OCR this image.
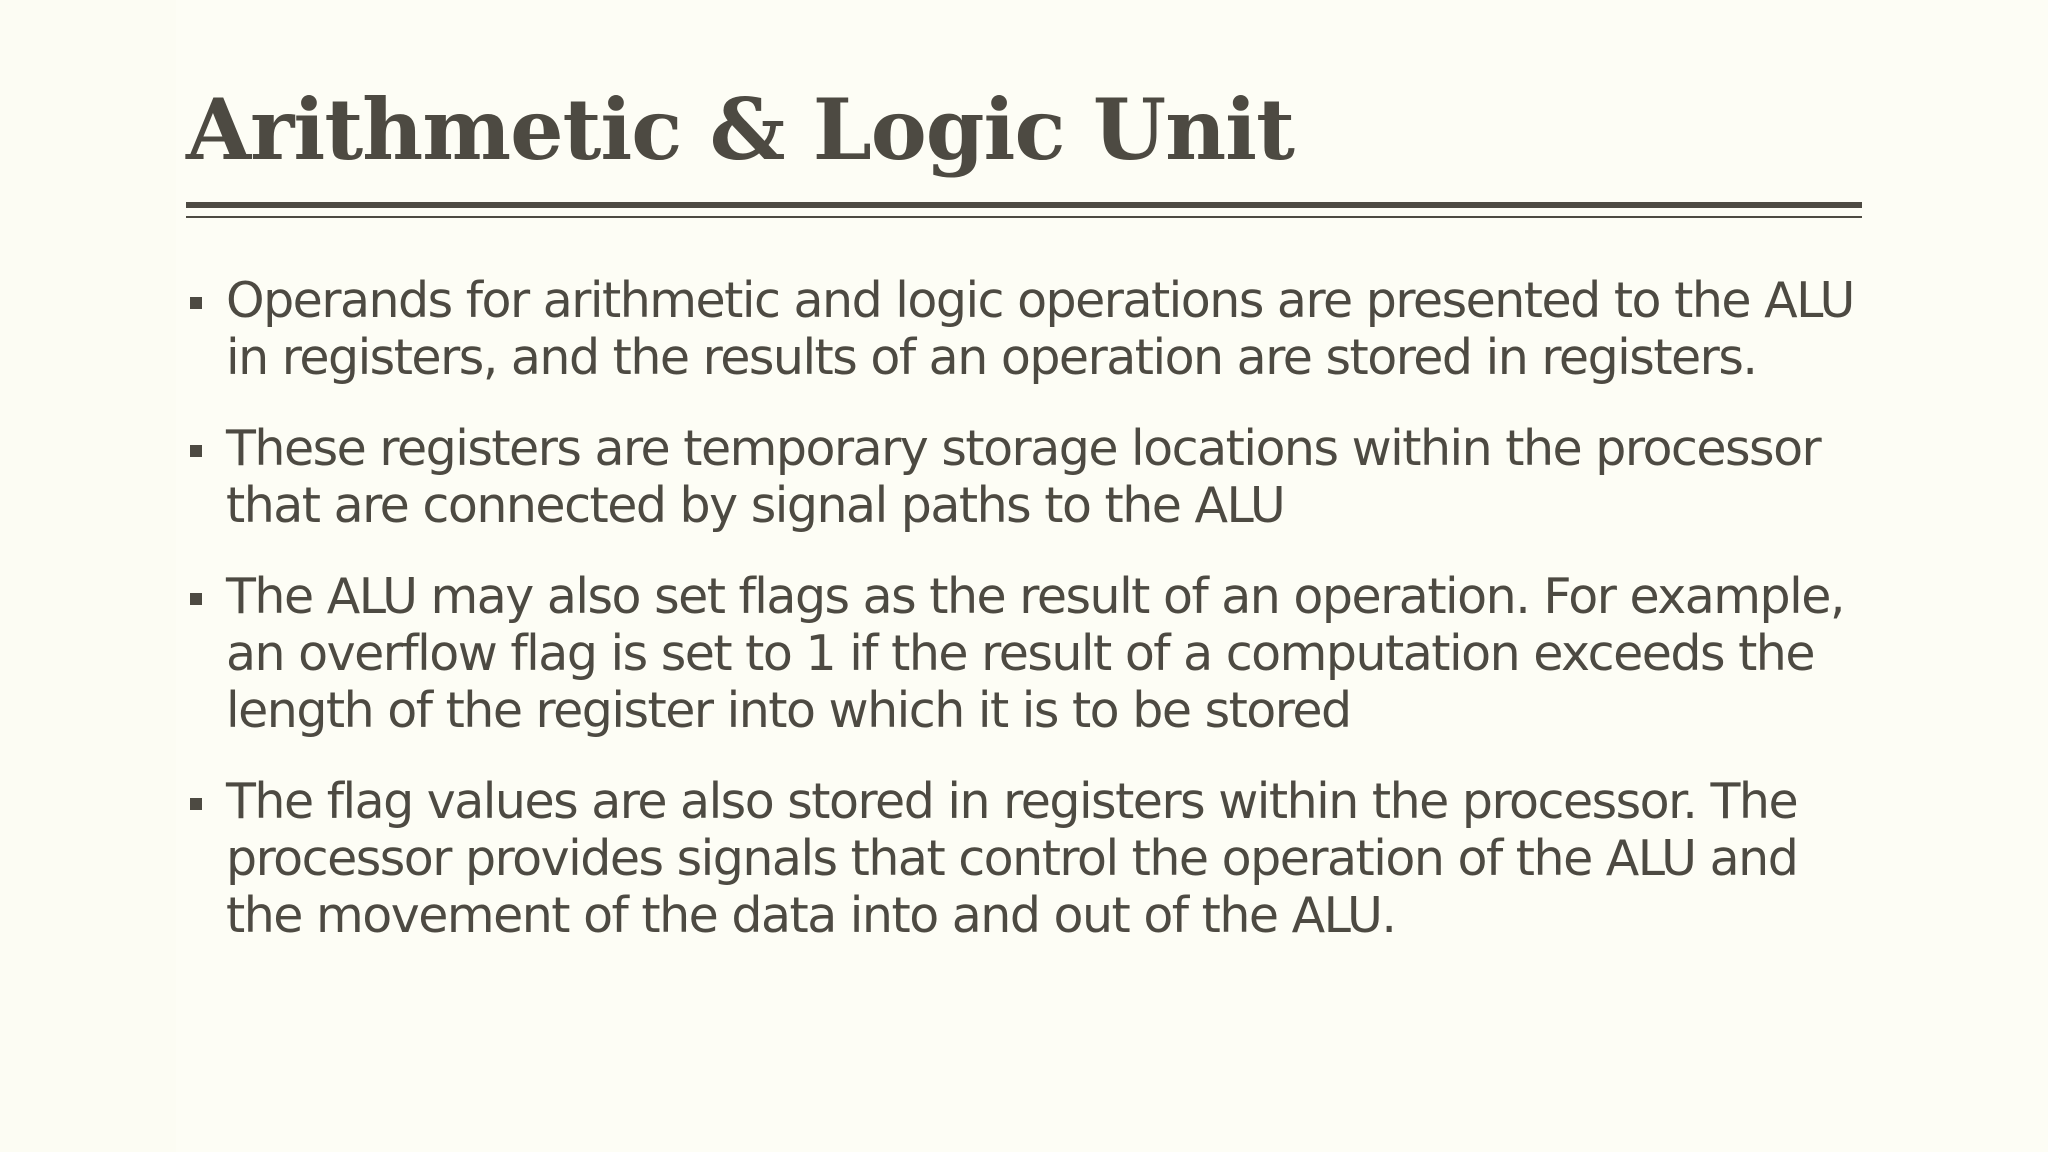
Arithmetic & Logic Unit
Operands for arithmetic and logic operations are presented to the ALU in registers, and the results of an operation are stored in registers.
These registers are temporary storage locations within the processor that are connected by signal paths to the ALU
The ALU may also set flags as the result of an operation. For example, an overflow flag is set to 1 if the result of a computation exceeds the length of the register into which it is to be stored
The flag values are also stored in registers within the processor. The processor provides signals that control the operation of the ALU and the movement of the data into and out of the ALU.
